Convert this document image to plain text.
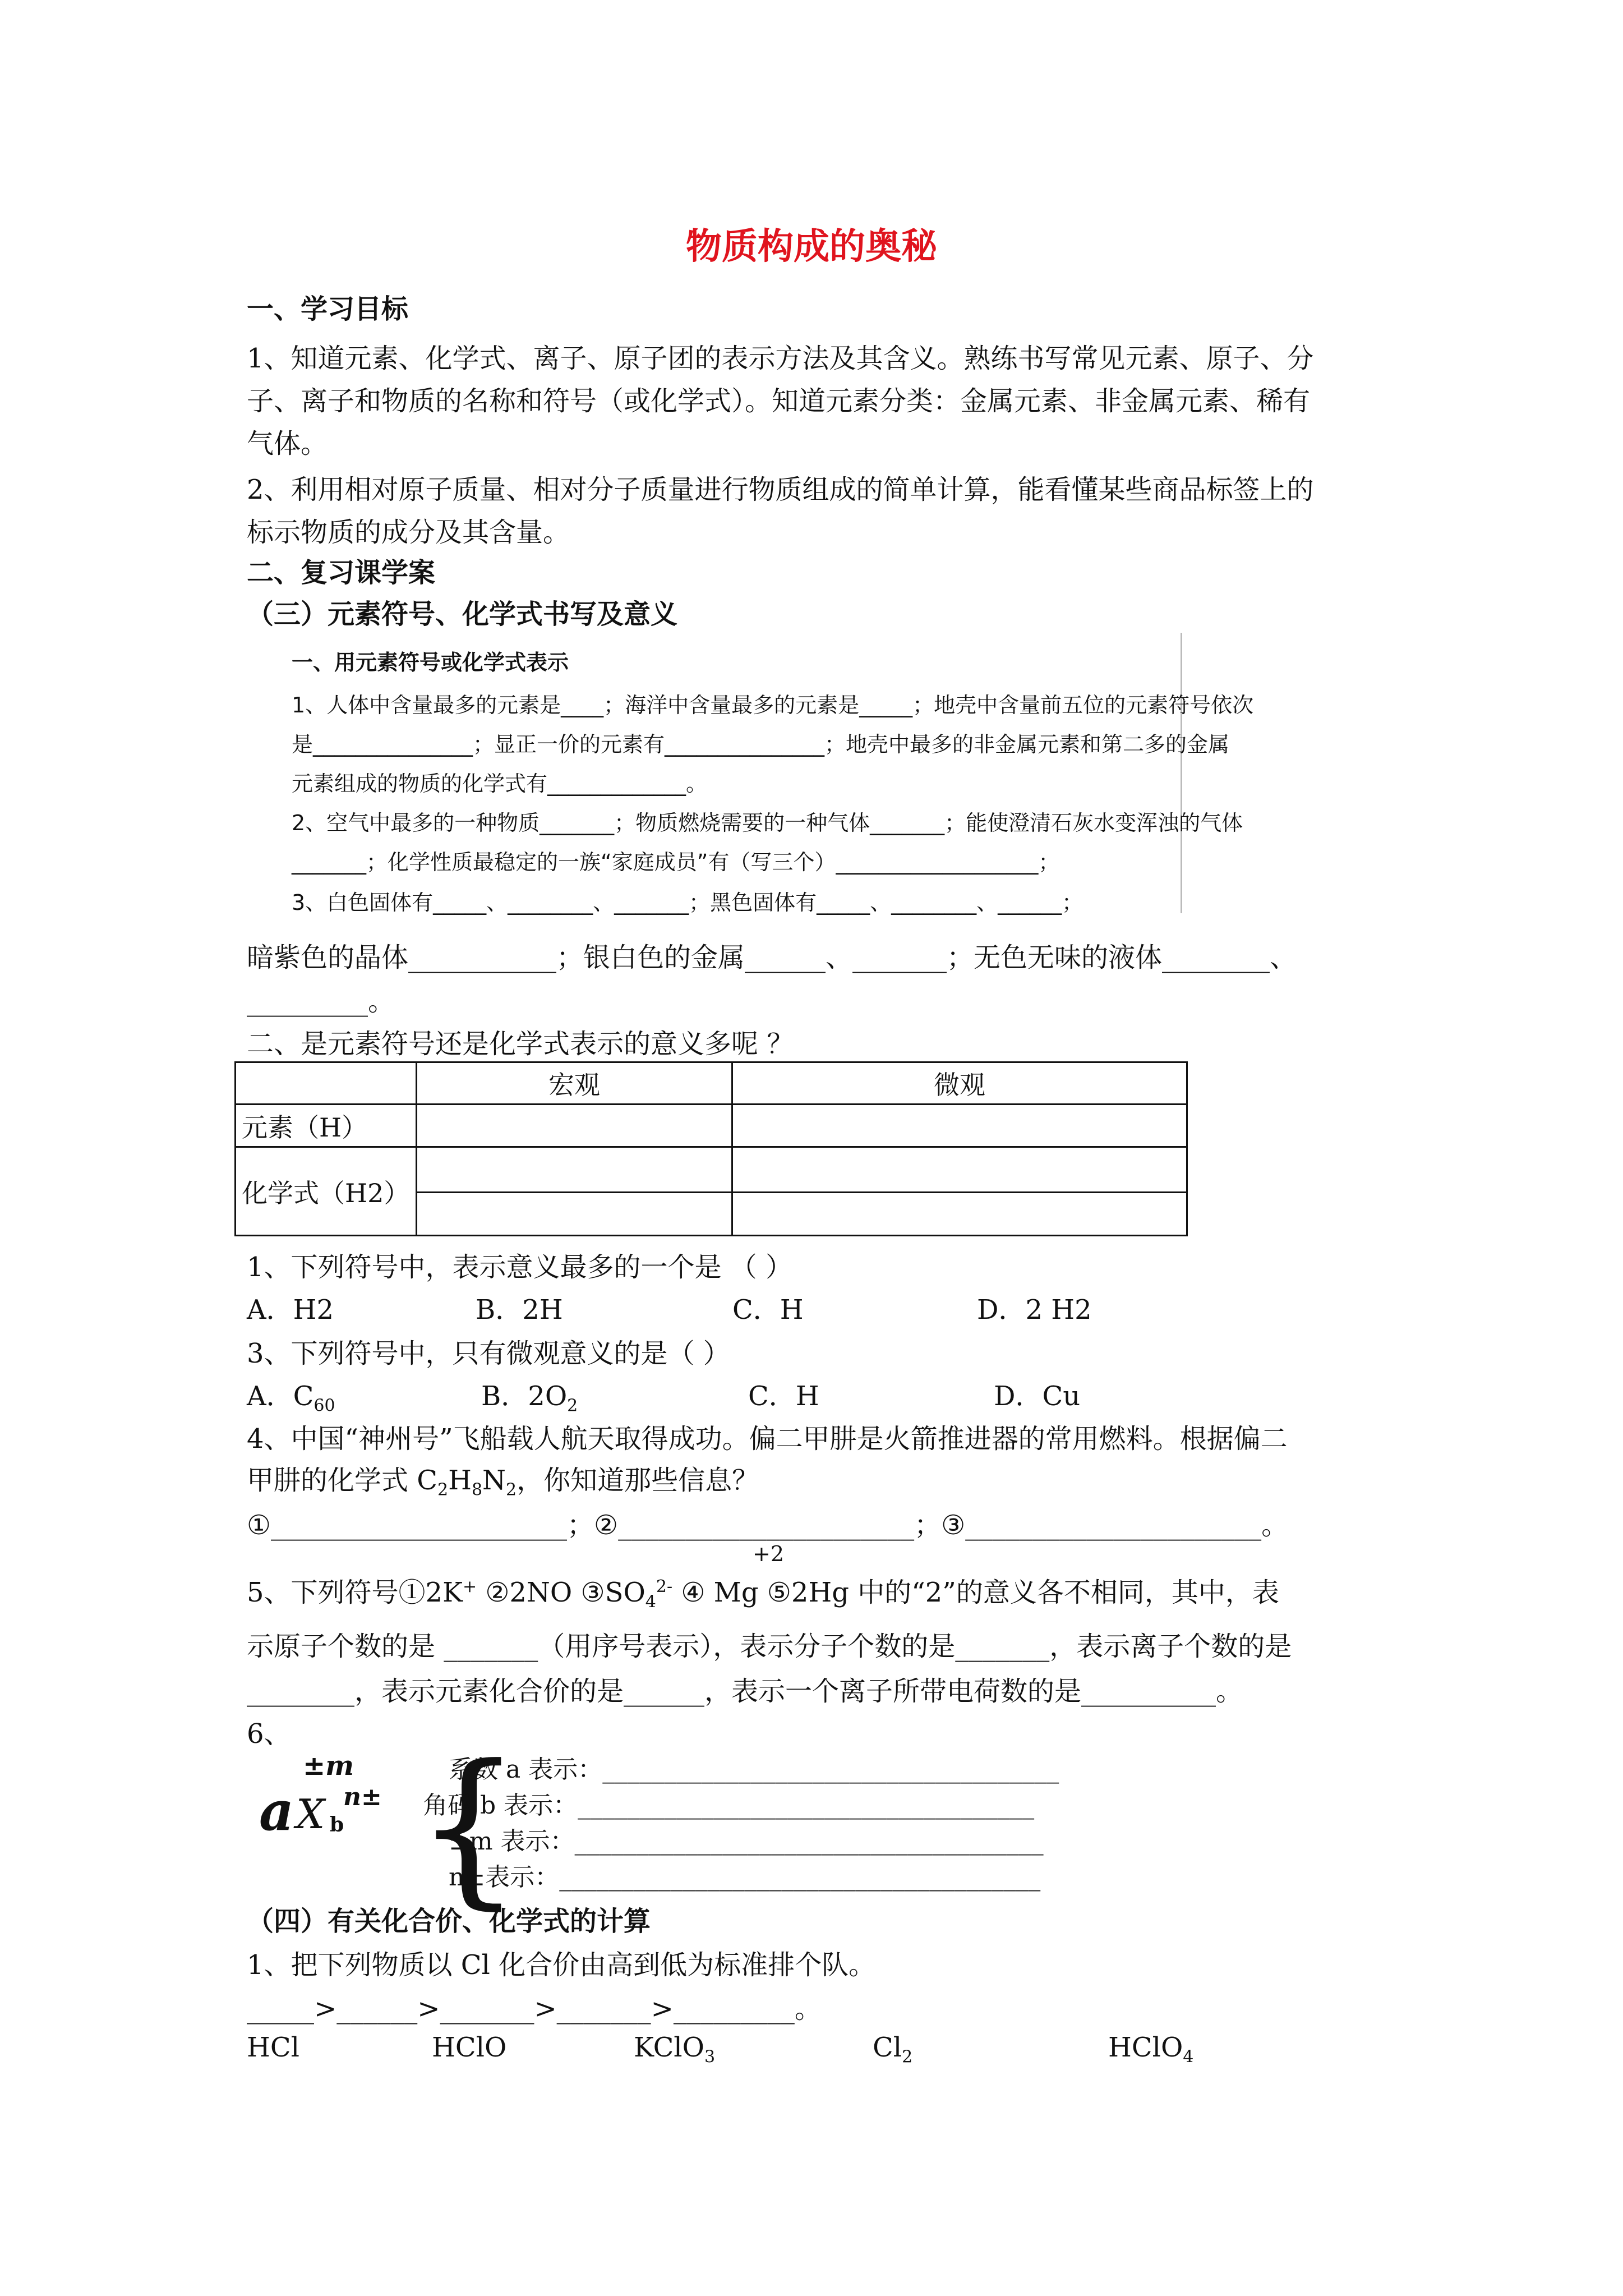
物质构成的奥秘
一、学习目标
1、知道元素、化学式、离子、原子团的表示方法及其含义。熟练书写常见元素、原子、分
子、离子和物质的名称和符号（或化学式）。知道元素分类：金属元素、非金属元素、稀有
气体。
2、利用相对原子质量、相对分子质量进行物质组成的简单计算，能看懂某些商品标签上的
标示物质的成分及其含量。
二、复习课学案
（三）元素符号、化学式书写及意义
一、用元素符号或化学式表示
1、人体中含量最多的元素是____；海洋中含量最多的元素是_____；地壳中含量前五位的元素符号依次
是_______________；显正一价的元素有_______________；地壳中最多的非金属元素和第二多的金属
元素组成的物质的化学式有_____________。
2、空气中最多的一种物质_______；物质燃烧需要的一种气体_______；能使澄清石灰水变浑浊的气体
_______；化学性质最稳定的一族“家庭成员”有（写三个）___________________；
3、白色固体有_____、________、_______；黑色固体有_____、________、______；
暗紫色的晶体___________；银白色的金属______、_______；无色无味的液体________、
_________。
二、是元素符号还是化学式表示的意义多呢 ？
	宏观	微观
元素（H）		
化学式（H2）		

1、下列符号中，表示意义最多的一个是 （ ）
A．H2	B．2H	C．H	D．2 H2
3、下列符号中，只有微观意义的是（ ）
A．$C_{60}$	B．$2O_2$	C．H	D．Cu
4、中国“神州号”飞船载人航天取得成功。偏二甲肼是火箭推进器的常用燃料。根据偏二
甲肼的化学式 $C_2H_8N_2$，你知道那些信息？
①______________________；②______________________；③______________________。
+2
5、下列符号①2K+ ②2NO $③SO_4^{2-}$ ④ Mg ⑤2Hg 中的“2”的意义各不相同，其中，表
示原子个数的是 _______（用序号表示），表示分子个数的是_______，表示离子个数的是
________，表示元素化合价的是______，表示一个离子所带电荷数的是__________。
6、
±m
a X b
n± {
系数 a 表示：_____________________________________
角码 b 表示：_____________________________________
±m 表示：______________________________________
n±表示：_______________________________________
（四）有关化合价、化学式的计算
1、把下列物质以 Cl 化合价由高到低为标准排个队。
_____>______>_______>_______>_________。
HCl	HClO	KClO$_3$	$Cl_2$	HClO$_4$
